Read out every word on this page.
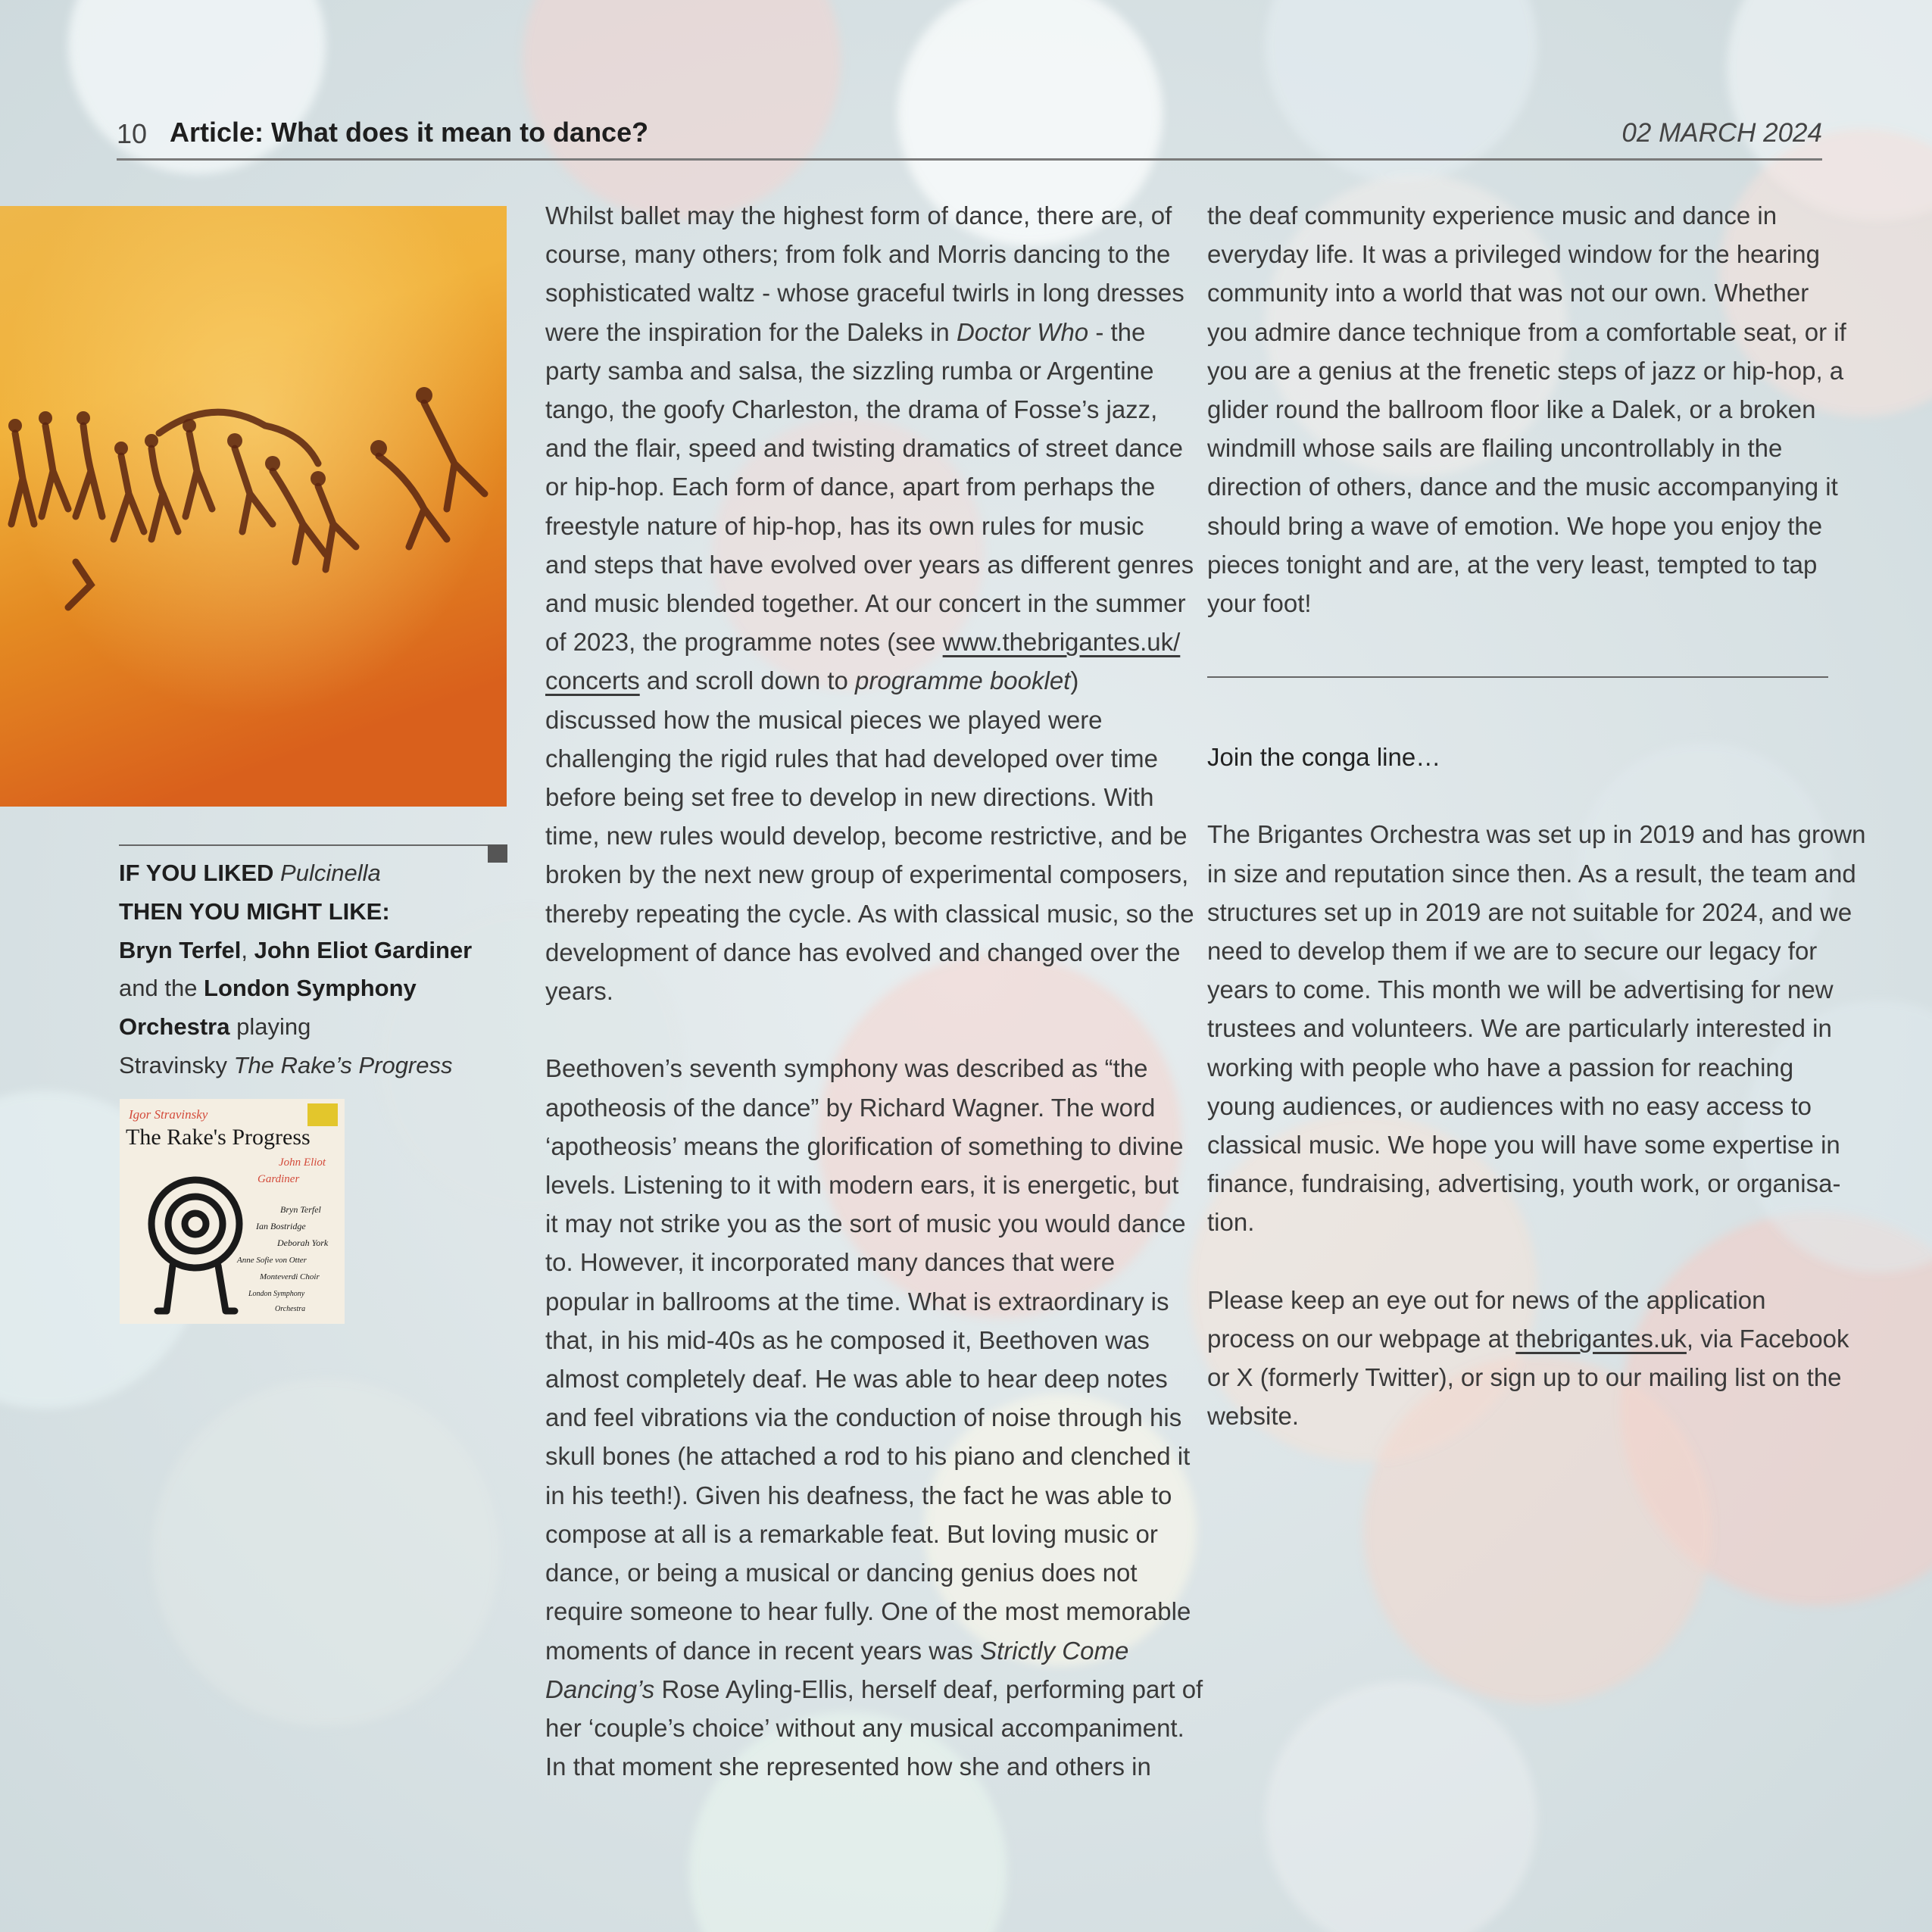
10 Article: What does it mean to dance?	02 MARCH 2024

IF YOU LIKED Pulcinella

THEN YOU MIGHT LIKE:

Bryn Terfel, John Eliot Gardiner

and the London Symphony

Orchestra playing

Stravinsky The Rake’s Progress

Igor Stravinsky
The Rake's Progress
John Eliot
Gardiner
Bryn Terfel
Ian Bostridge
Deborah York
Anne Sofie von Otter
Monteverdi Choir
London Symphony
Orchestra

Whilst ballet may the highest form of dance, there are, of

course, many others; from folk and Morris dancing to the

sophisticated waltz - whose graceful twirls in long dresses

were the inspiration for the Daleks in Doctor Who - the

party samba and salsa, the sizzling rumba or Argentine

tango, the goofy Charleston, the drama of Fosse’s jazz,

and the flair, speed and twisting dramatics of street dance

or hip-hop. Each form of dance, apart from perhaps the

freestyle nature of hip-hop, has its own rules for music

and steps that have evolved over years as different genres

and music blended together. At our concert in the summer

of 2023, the programme notes (see www.thebrigantes.uk/

concerts and scroll down to programme booklet)

discussed how the musical pieces we played were

challenging the rigid rules that had developed over time

before being set free to develop in new directions. With

time, new rules would develop, become restrictive, and be

broken by the next new group of experimental composers,

thereby repeating the cycle. As with classical music, so the

development of dance has evolved and changed over the

years.

Beethoven’s seventh symphony was described as “the

apotheosis of the dance” by Richard Wagner. The word

‘apotheosis’ means the glorification of something to divine

levels. Listening to it with modern ears, it is energetic, but

it may not strike you as the sort of music you would dance

to. However, it incorporated many dances that were

popular in ballrooms at the time. What is extraordinary is

that, in his mid-40s as he composed it, Beethoven was

almost completely deaf. He was able to hear deep notes

and feel vibrations via the conduction of noise through his

skull bones (he attached a rod to his piano and clenched it

in his teeth!). Given his deafness, the fact he was able to

compose at all is a remarkable feat. But loving music or

dance, or being a musical or dancing genius does not

require someone to hear fully. One of the most memorable

moments of dance in recent years was Strictly Come

Dancing’s Rose Ayling-Ellis, herself deaf, performing part of

her ‘couple’s choice’ without any musical accompaniment.

In that moment she represented how she and others in

the deaf community experience music and dance in

everyday life. It was a privileged window for the hearing

community into a world that was not our own. Whether

you admire dance technique from a comfortable seat, or if

you are a genius at the frenetic steps of jazz or hip-hop, a

glider round the ballroom floor like a Dalek, or a broken

windmill whose sails are flailing uncontrollably in the

direction of others, dance and the music accompanying it

should bring a wave of emotion. We hope you enjoy the

pieces tonight and are, at the very least, tempted to tap

your foot!

Join the conga line…

The Brigantes Orchestra was set up in 2019 and has grown

in size and reputation since then. As a result, the team and

structures set up in 2019 are not suitable for 2024, and we

need to develop them if we are to secure our legacy for

years to come. This month we will be advertising for new

trustees and volunteers. We are particularly interested in

working with people who have a passion for reaching

young audiences, or audiences with no easy access to

classical music. We hope you will have some expertise in

finance, fundraising, advertising, youth work, or organisa-

tion.

Please keep an eye out for news of the application

process on our webpage at thebrigantes.uk, via Facebook

or X (formerly Twitter), or sign up to our mailing list on the

website.
